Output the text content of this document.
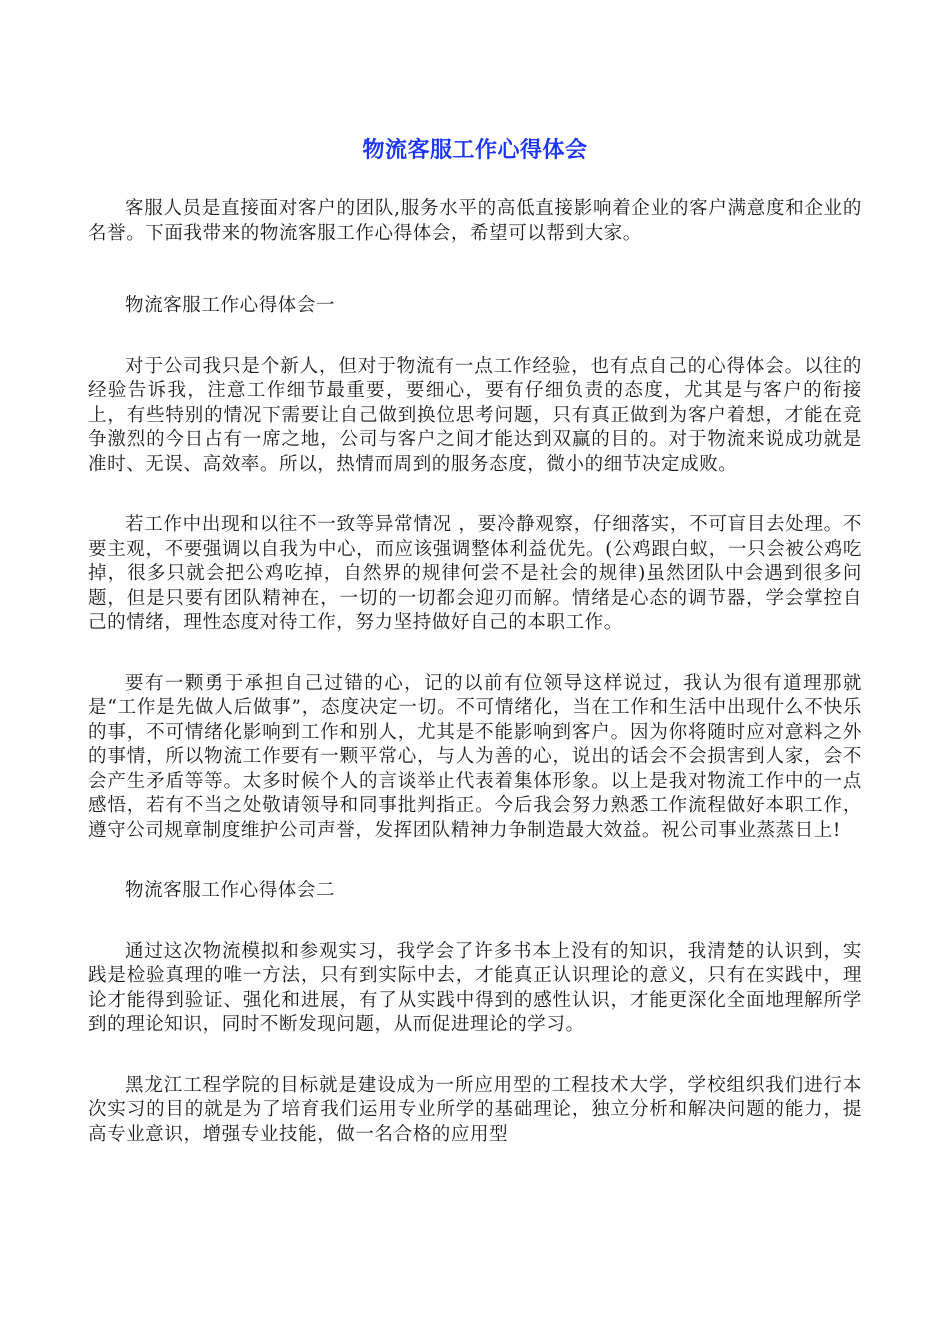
物流客服工作心得体会

客服人员是直接面对客户的团队,服务水平的高低直接影响着企业的客户满意度和企业的名誉。下面我带来的物流客服工作心得体会，希望可以帮到大家。

物流客服工作心得体会一

对于公司我只是个新人，但对于物流有一点工作经验，也有点自己的心得体会。以往的经验告诉我，注意工作细节最重要，要细心，要有仔细负责的态度，尤其是与客户的衔接上，有些特别的情况下需要让自己做到换位思考问题，只有真正做到为客户着想，才能在竞争激烈的今日占有一席之地，公司与客户之间才能达到双赢的目的。对于物流来说成功就是准时、无误、高效率。所以，热情而周到的服务态度，微小的细节决定成败。

若工作中出现和以往不一致等异常情况 ，要冷静观察，仔细落实，不可盲目去处理。不要主观，不要强调以自我为中心，而应该强调整体利益优先。(公鸡跟白蚁，一只会被公鸡吃掉，很多只就会把公鸡吃掉，自然界的规律何尝不是社会的规律)虽然团队中会遇到很多问题，但是只要有团队精神在，一切的一切都会迎刃而解。情绪是心态的调节器，学会掌控自己的情绪，理性态度对待工作，努力坚持做好自己的本职工作。

要有一颗勇于承担自己过错的心，记的以前有位领导这样说过，我认为很有道理那就是“工作是先做人后做事”，态度决定一切。不可情绪化，当在工作和生活中出现什么不快乐的事，不可情绪化影响到工作和别人，尤其是不能影响到客户。因为你将随时应对意料之外的事情，所以物流工作要有一颗平常心，与人为善的心，说出的话会不会损害到人家，会不会产生矛盾等等。太多时候个人的言谈举止代表着集体形象。以上是我对物流工作中的一点感悟，若有不当之处敬请领导和同事批判指正。今后我会努力熟悉工作流程做好本职工作，遵守公司规章制度维护公司声誉，发挥团队精神力争制造最大效益。祝公司事业蒸蒸日上!

物流客服工作心得体会二

通过这次物流模拟和参观实习，我学会了许多书本上没有的知识，我清楚的认识到，实践是检验真理的唯一方法，只有到实际中去，才能真正认识理论的意义，只有在实践中，理论才能得到验证、强化和进展，有了从实践中得到的感性认识，才能更深化全面地理解所学到的理论知识，同时不断发现问题，从而促进理论的学习。

黑龙江工程学院的目标就是建设成为一所应用型的工程技术大学，学校组织我们进行本次实习的目的就是为了培育我们运用专业所学的基础理论，独立分析和解决问题的能力，提高专业意识，增强专业技能，做一名合格的应用型
